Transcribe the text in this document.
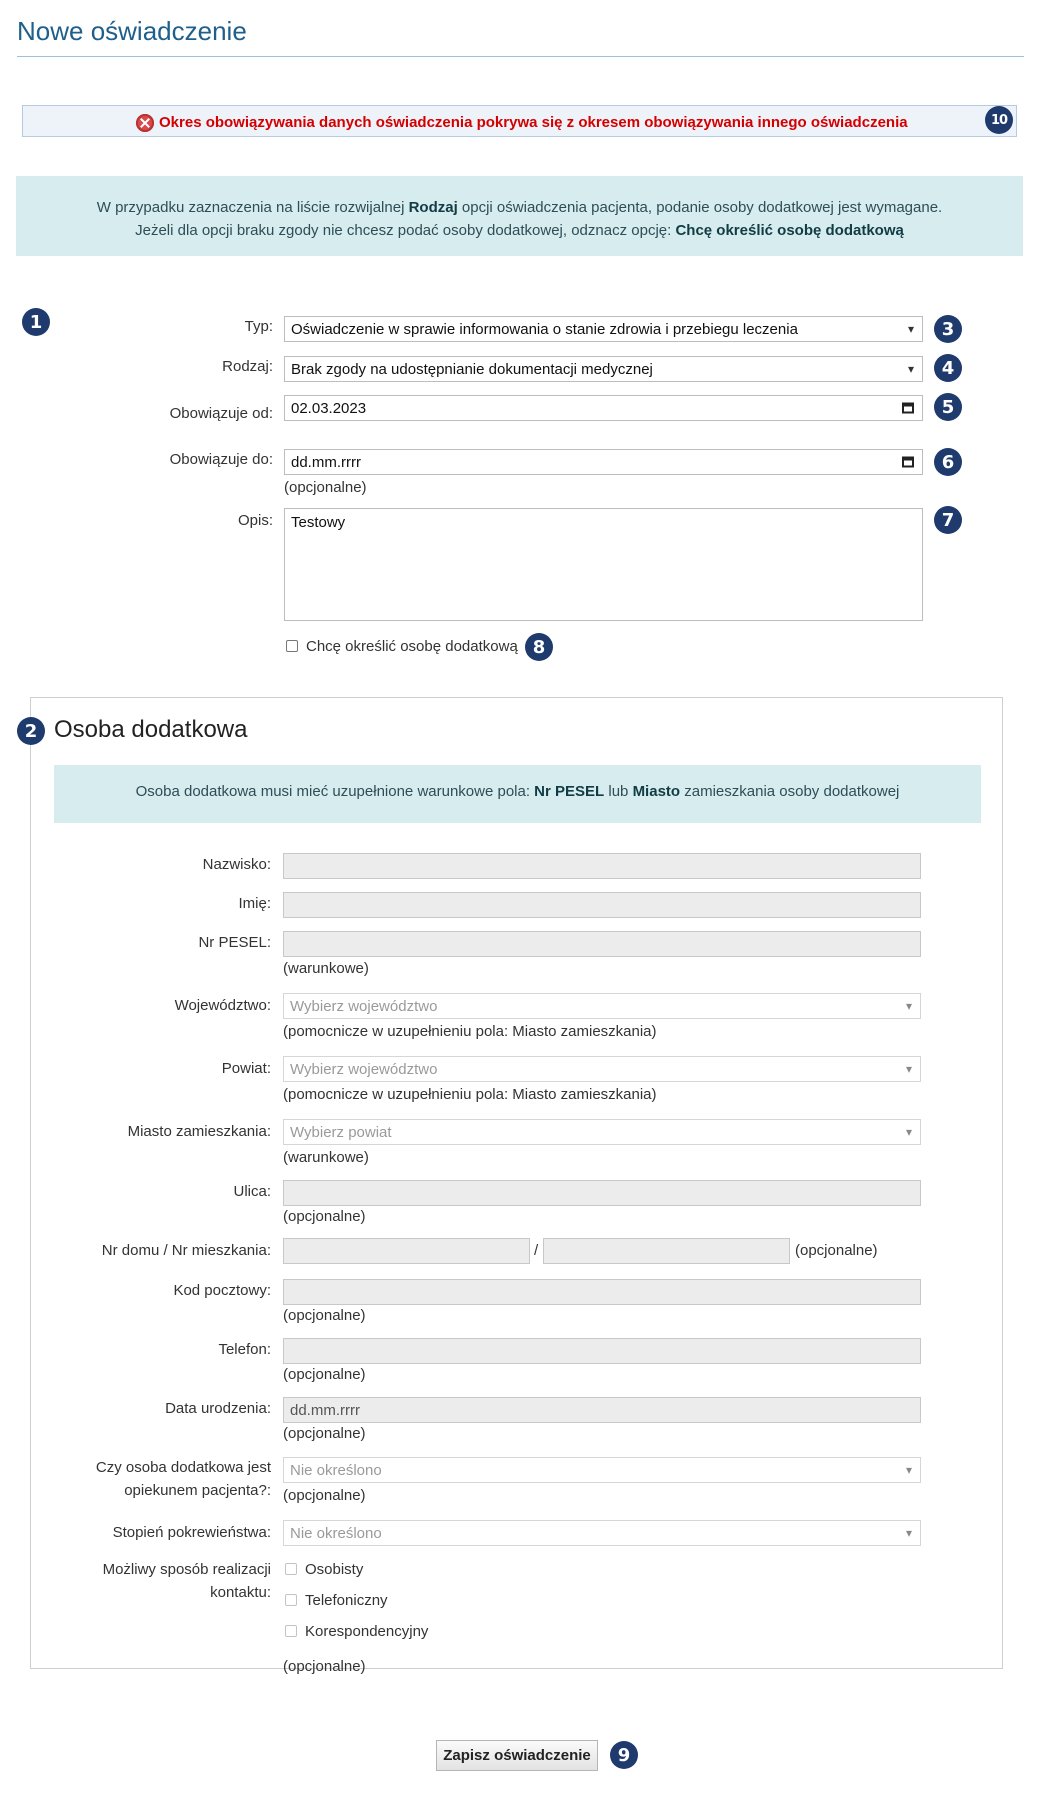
Nowe oświadczenie
Okres obowiązywania danych oświadczenia pokrywa się z okresem obowiązywania innego oświadczenia	10
W przypadku zaznaczenia na liście rozwijalnej Rodzaj opcji oświadczenia pacjenta, podanie osoby dodatkowej jest wymagane.
Jeżeli dla opcji braku zgody nie chcesz podać osoby dodatkowej, odznacz opcję: Chcę określić osobę dodatkową
1	Typ: Oświadczenie w sprawie informowania o stanie zdrowia i przebiegu leczenia
▾	3
Rodzaj: Brak zgody na udostępnianie dokumentacji medycznej
▾	4
Obowiązuje od: 02.03.2023	5
Obowiązuje do: dd.mm.rrrr
(opcjonalne)
6
Opis: Testowy	7
Chcę określić osobę dodatkową 8
2 Osoba dodatkowa
Osoba dodatkowa musi mieć uzupełnione warunkowe pola: Nr PESEL lub Miasto zamieszkania osoby dodatkowej
Nazwisko:
Imię:
Nr PESEL:
(warunkowe)
Województwo: Wybierz województwo
▾
(pomocnicze w uzupełnieniu pola: Miasto zamieszkania)
Powiat: Wybierz województwo
▾
(pomocnicze w uzupełnieniu pola: Miasto zamieszkania)
Miasto zamieszkania: Wybierz powiat
▾
(warunkowe)
Ulica:
(opcjonalne)
Nr domu / Nr mieszkania:	/	(opcjonalne)
Kod pocztowy:
(opcjonalne)
Telefon:
(opcjonalne)
Data urodzenia: dd.mm.rrrr
(opcjonalne)
Czy osoba dodatkowa jest
opiekunem pacjenta?:
Nie określono
▾
(opcjonalne)
Stopień pokrewieństwa: Nie określono
▾
Możliwy sposób realizacji
kontaktu:
Osobisty
Telefoniczny
Korespondencyjny
(opcjonalne)
Zapisz oświadczenie	9
